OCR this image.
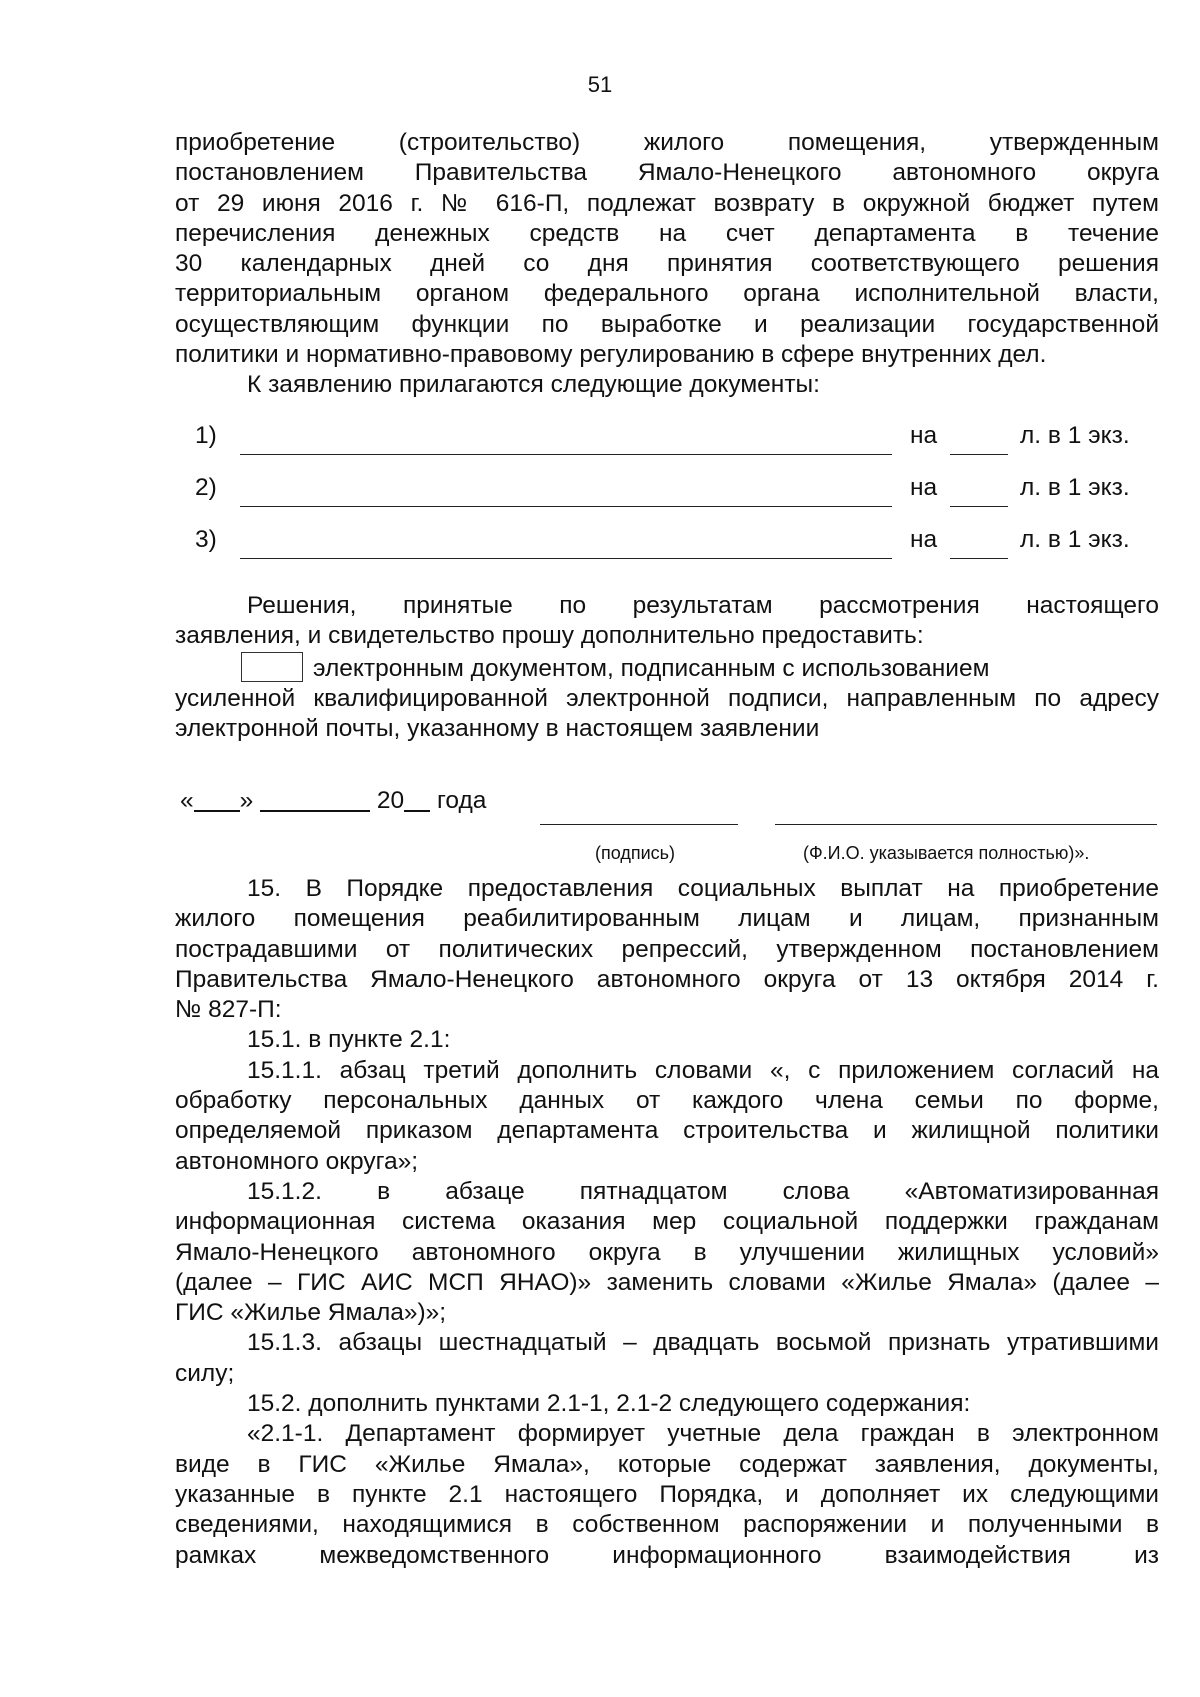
51

приобретение (строительство) жилого помещения, утвержденным

постановлением Правительства Ямало-Ненецкого автономного округа

от 29 июня 2016 г. № 616-П, подлежат возврату в окружной бюджет путем

перечисления денежных средств на счет департамента в течение

30 календарных дней со дня принятия соответствующего решения

территориальным органом федерального органа исполнительной власти,

осуществляющим функции по выработке и реализации государственной

политики и нормативно-правовому регулированию в сфере внутренних дел.

К заявлению прилагаются следующие документы:

1)	на	л. в 1 экз.
2)	на	л. в 1 экз.
3)	на	л. в 1 экз.

Решения, принятые по результатам рассмотрения настоящего

заявления, и свидетельство прошу дополнительно предоставить:

электронным документом, подписанным с использованием

усиленной квалифицированной электронной подписи, направленным по адресу

электронной почты, указанному в настоящем заявлении

« »	20 года
(подпись)	(Ф.И.О. указывается полностью)».

15. В Порядке предоставления социальных выплат на приобретение

жилого помещения реабилитированным лицам и лицам, признанным

пострадавшими от политических репрессий, утвержденном постановлением

Правительства Ямало-Ненецкого автономного округа от 13 октября 2014 г.

№ 827-П:

15.1. в пункте 2.1:

15.1.1. абзац третий дополнить словами «, с приложением согласий на

обработку персональных данных от каждого члена семьи по форме,

определяемой приказом департамента строительства и жилищной политики

автономного округа»;

15.1.2. в абзаце пятнадцатом слова «Автоматизированная

информационная система оказания мер социальной поддержки гражданам

Ямало-Ненецкого автономного округа в улучшении жилищных условий»

(далее – ГИС АИС МСП ЯНАО)» заменить словами «Жилье Ямала» (далее –

ГИС «Жилье Ямала»)»;

15.1.3. абзацы шестнадцатый – двадцать восьмой признать утратившими

силу;

15.2. дополнить пунктами 2.1-1, 2.1-2 следующего содержания:

«2.1-1. Департамент формирует учетные дела граждан в электронном

виде в ГИС «Жилье Ямала», которые содержат заявления, документы,

указанные в пункте 2.1 настоящего Порядка, и дополняет их следующими

сведениями, находящимися в собственном распоряжении и полученными в

рамках межведомственного информационного взаимодействия из
